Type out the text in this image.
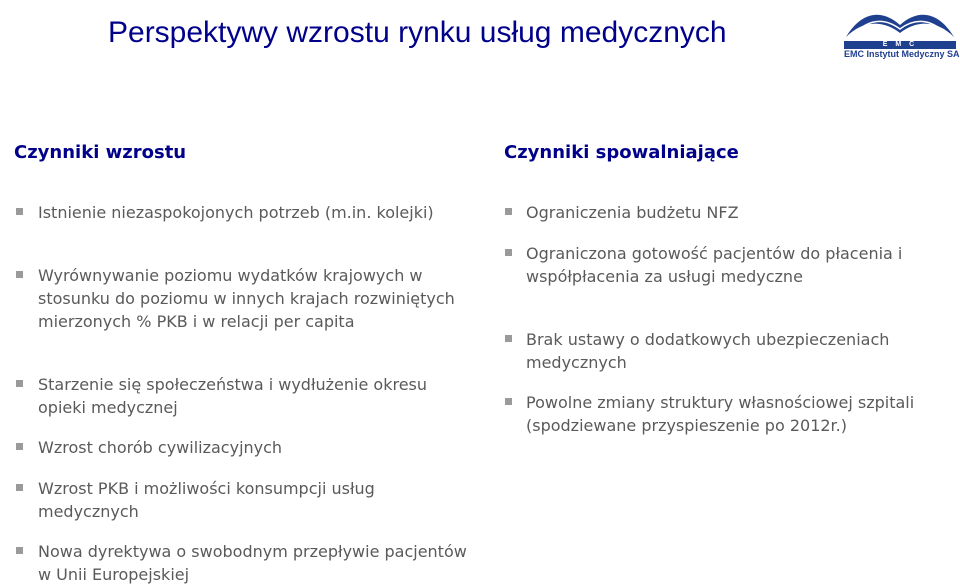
Perspektywy wzrostu rynku usług medycznych	E M C
EMC Instytut Medyczny SA
Czynniki wzrostu
Istnienie niezaspokojonych potrzeb (m.in. kolejki)
Wyrównywanie poziomu wydatków krajowych w stosunku do poziomu w innych krajach rozwiniętych mierzonych % PKB i w relacji per capita
Starzenie się społeczeństwa i wydłużenie okresu opieki medycznej
Wzrost chorób cywilizacyjnych
Wzrost PKB i możliwości konsumpcji usług medycznych
Nowa dyrektywa o swobodnym przepływie pacjentów w Unii Europejskiej
Czynniki spowalniające
Ograniczenia budżetu NFZ
Ograniczona gotowość pacjentów do płacenia i współpłacenia za usługi medyczne
Brak ustawy o dodatkowych ubezpieczeniach medycznych
Powolne zmiany struktury własnościowej szpitali (spodziewane przyspieszenie po 2012r.)
